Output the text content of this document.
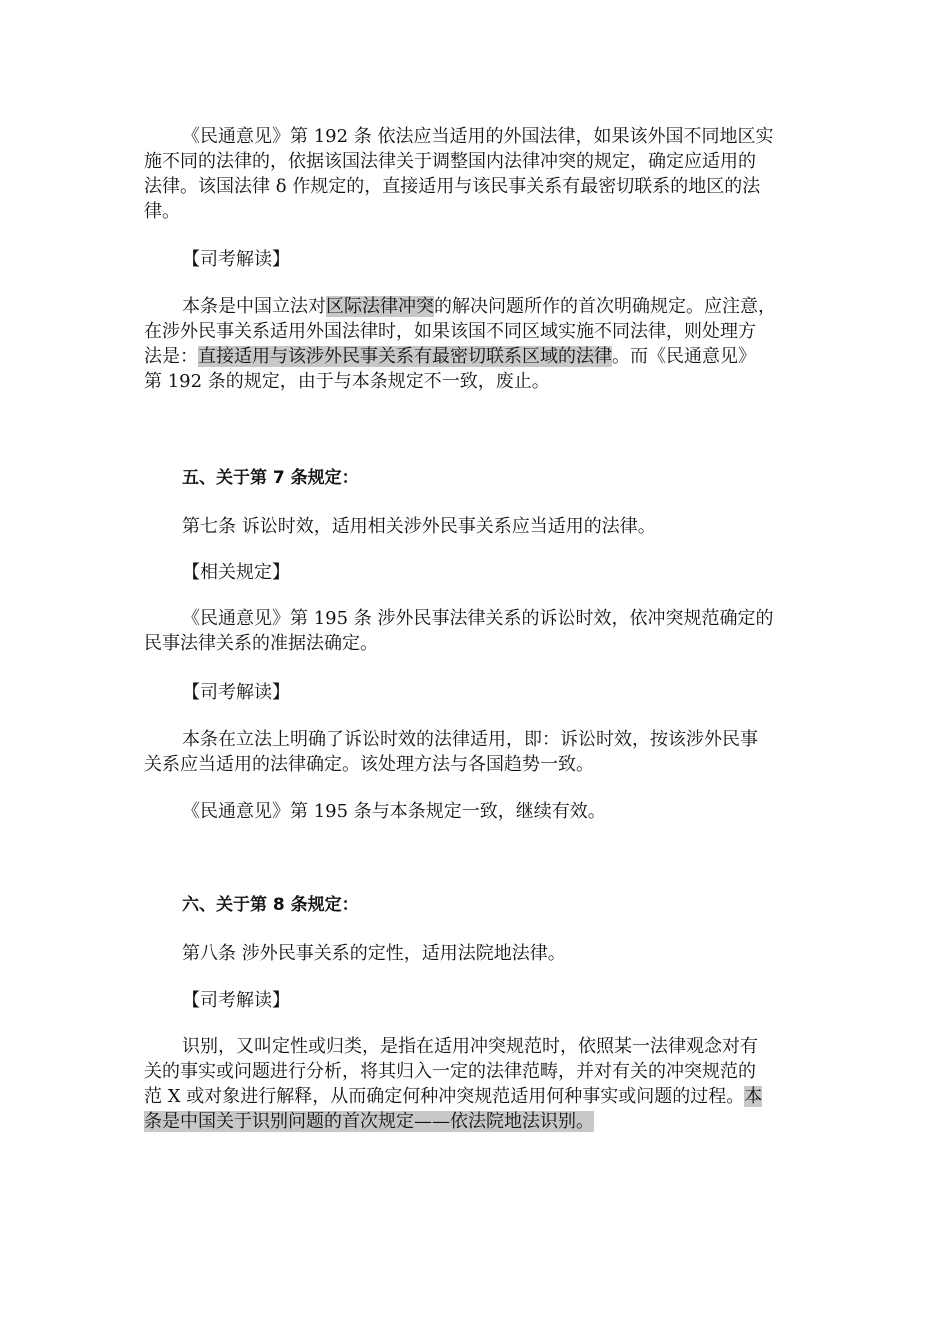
《民通意见》第 192 条 依法应当适用的外国法律，如果该外国不同地区实
施不同的法律的，依据该国法律关于调整国内法律冲突的规定，确定应适用的
法律。该国法律 δ 作规定的，直接适用与该民事关系有最密切联系的地区的法
律。

【司考解读】

本条是中国立法对区际法律冲突的解决问题所作的首次明确规定。应注意，
在涉外民事关系适用外国法律时，如果该国不同区域实施不同法律，则处理方
法是：直接适用与该涉外民事关系有最密切联系区域的法律。而《民通意见》
第 192 条的规定，由于与本条规定不一致，废止。

五、关于第 7 条规定：

第七条 诉讼时效，适用相关涉外民事关系应当适用的法律。

【相关规定】

《民通意见》第 195 条 涉外民事法律关系的诉讼时效，依冲突规范确定的
民事法律关系的准据法确定。

【司考解读】

本条在立法上明确了诉讼时效的法律适用，即：诉讼时效，按该涉外民事
关系应当适用的法律确定。该处理方法与各国趋势一致。

《民通意见》第 195 条与本条规定一致，继续有效。

六、关于第 8 条规定：

第八条 涉外民事关系的定性，适用法院地法律。

【司考解读】

识别，又叫定性或归类，是指在适用冲突规范时，依照某一法律观念对有
关的事实或问题进行分析，将其归入一定的法律范畴，并对有关的冲突规范的
范 X 或对象进行解释，从而确定何种冲突规范适用何种事实或问题的过程。本
条是中国关于识别问题的首次规定——依法院地法识别。
